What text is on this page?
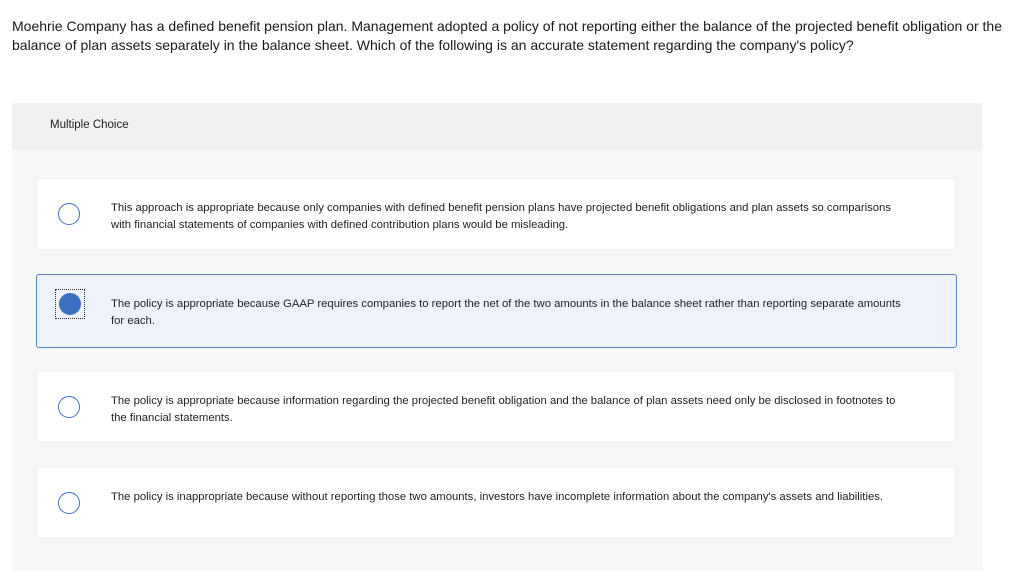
Moehrie Company has a defined benefit pension plan. Management adopted a policy of not reporting either the balance of the projected benefit obligation or the balance of plan assets separately in the balance sheet. Which of the following is an accurate statement regarding the company's policy?
Multiple Choice
This approach is appropriate because only companies with defined benefit pension plans have projected benefit obligations and plan assets so comparisons with financial statements of companies with defined contribution plans would be misleading.
The policy is appropriate because GAAP requires companies to report the net of the two amounts in the balance sheet rather than reporting separate amounts for each.
The policy is appropriate because information regarding the projected benefit obligation and the balance of plan assets need only be disclosed in footnotes to the financial statements.
The policy is inappropriate because without reporting those two amounts, investors have incomplete information about the company's assets and liabilities.
